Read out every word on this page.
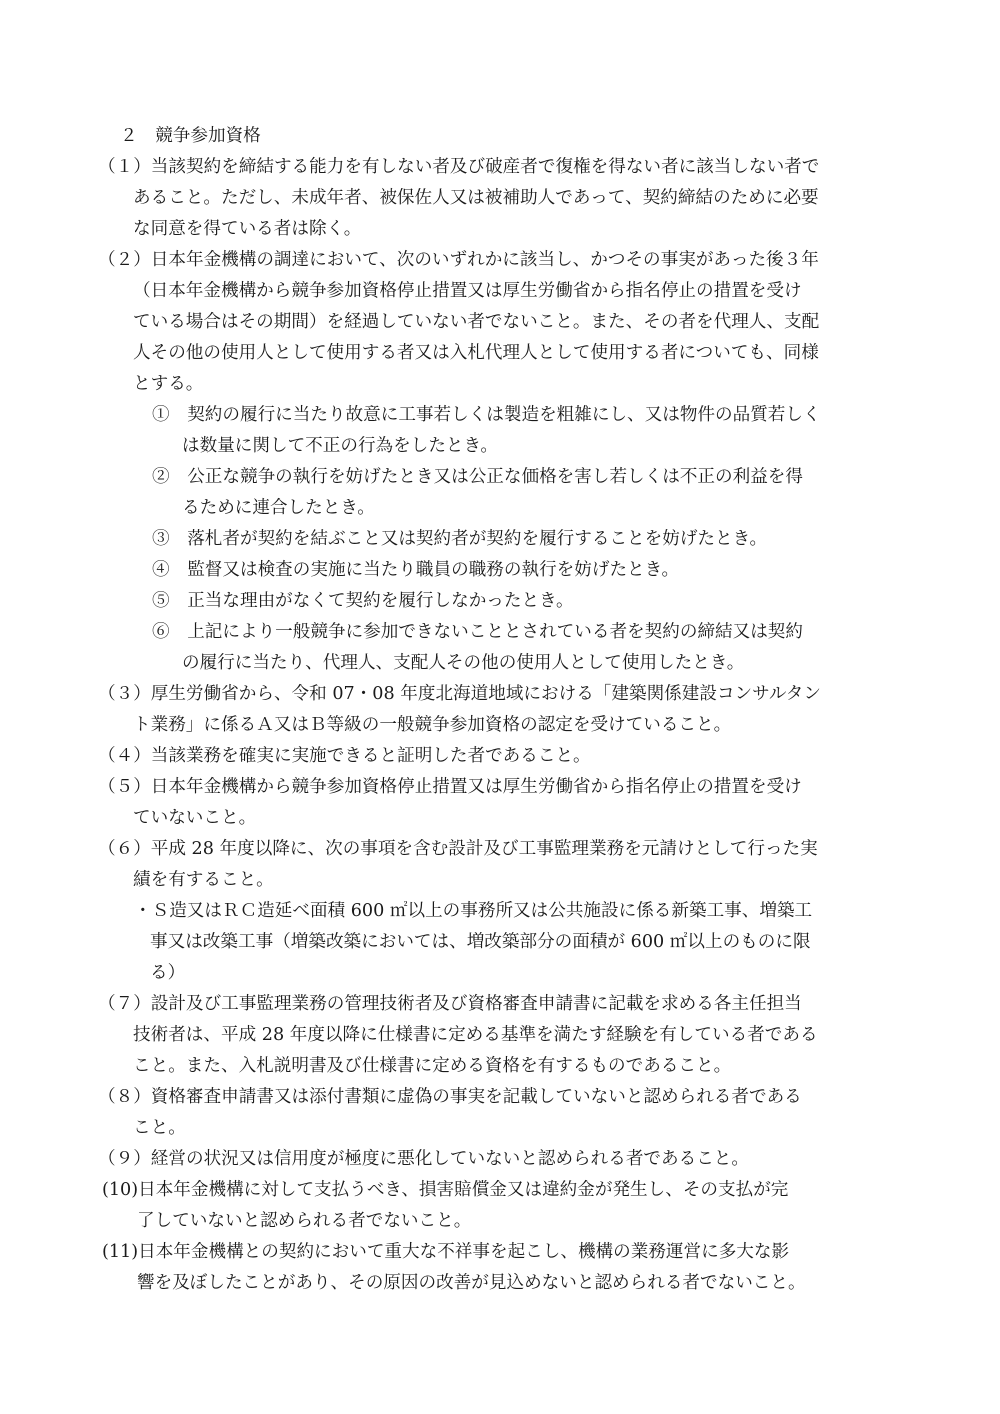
２　競争参加資格
（１）当該契約を締結する能力を有しない者及び破産者で復権を得ない者に該当しない者で
あること。ただし、未成年者、被保佐人又は被補助人であって、契約締結のために必要
な同意を得ている者は除く。
（２）日本年金機構の調達において、次のいずれかに該当し、かつその事実があった後３年
（日本年金機構から競争参加資格停止措置又は厚生労働省から指名停止の措置を受け
ている場合はその期間）を経過していない者でないこと。また、その者を代理人、支配
人その他の使用人として使用する者又は入札代理人として使用する者についても、同様
とする。
①　契約の履行に当たり故意に工事若しくは製造を粗雑にし、又は物件の品質若しく
は数量に関して不正の行為をしたとき。
②　公正な競争の執行を妨げたとき又は公正な価格を害し若しくは不正の利益を得
るために連合したとき。
③　落札者が契約を結ぶこと又は契約者が契約を履行することを妨げたとき。
④　監督又は検査の実施に当たり職員の職務の執行を妨げたとき。
⑤　正当な理由がなくて契約を履行しなかったとき。
⑥　上記により一般競争に参加できないこととされている者を契約の締結又は契約
の履行に当たり、代理人、支配人その他の使用人として使用したとき。
（３）厚生労働省から、令和 07・08 年度北海道地域における「建築関係建設コンサルタン
ト業務」に係るＡ又はＢ等級の一般競争参加資格の認定を受けていること。
（４）当該業務を確実に実施できると証明した者であること。
（５）日本年金機構から競争参加資格停止措置又は厚生労働省から指名停止の措置を受け
ていないこと。
（６）平成 28 年度以降に、次の事項を含む設計及び工事監理業務を元請けとして行った実
績を有すること。
・Ｓ造又はＲＣ造延べ面積 600 ㎡以上の事務所又は公共施設に係る新築工事、増築工
事又は改築工事（増築改築においては、増改築部分の面積が 600 ㎡以上のものに限
る）
（７）設計及び工事監理業務の管理技術者及び資格審査申請書に記載を求める各主任担当
技術者は、平成 28 年度以降に仕様書に定める基準を満たす経験を有している者である
こと。また、入札説明書及び仕様書に定める資格を有するものであること。
（８）資格審査申請書又は添付書類に虚偽の事実を記載していないと認められる者である
こと。
（９）経営の状況又は信用度が極度に悪化していないと認められる者であること。
(10)日本年金機構に対して支払うべき、損害賠償金又は違約金が発生し、その支払が完
了していないと認められる者でないこと。
(11)日本年金機構との契約において重大な不祥事を起こし、機構の業務運営に多大な影
響を及ぼしたことがあり、その原因の改善が見込めないと認められる者でないこと。
